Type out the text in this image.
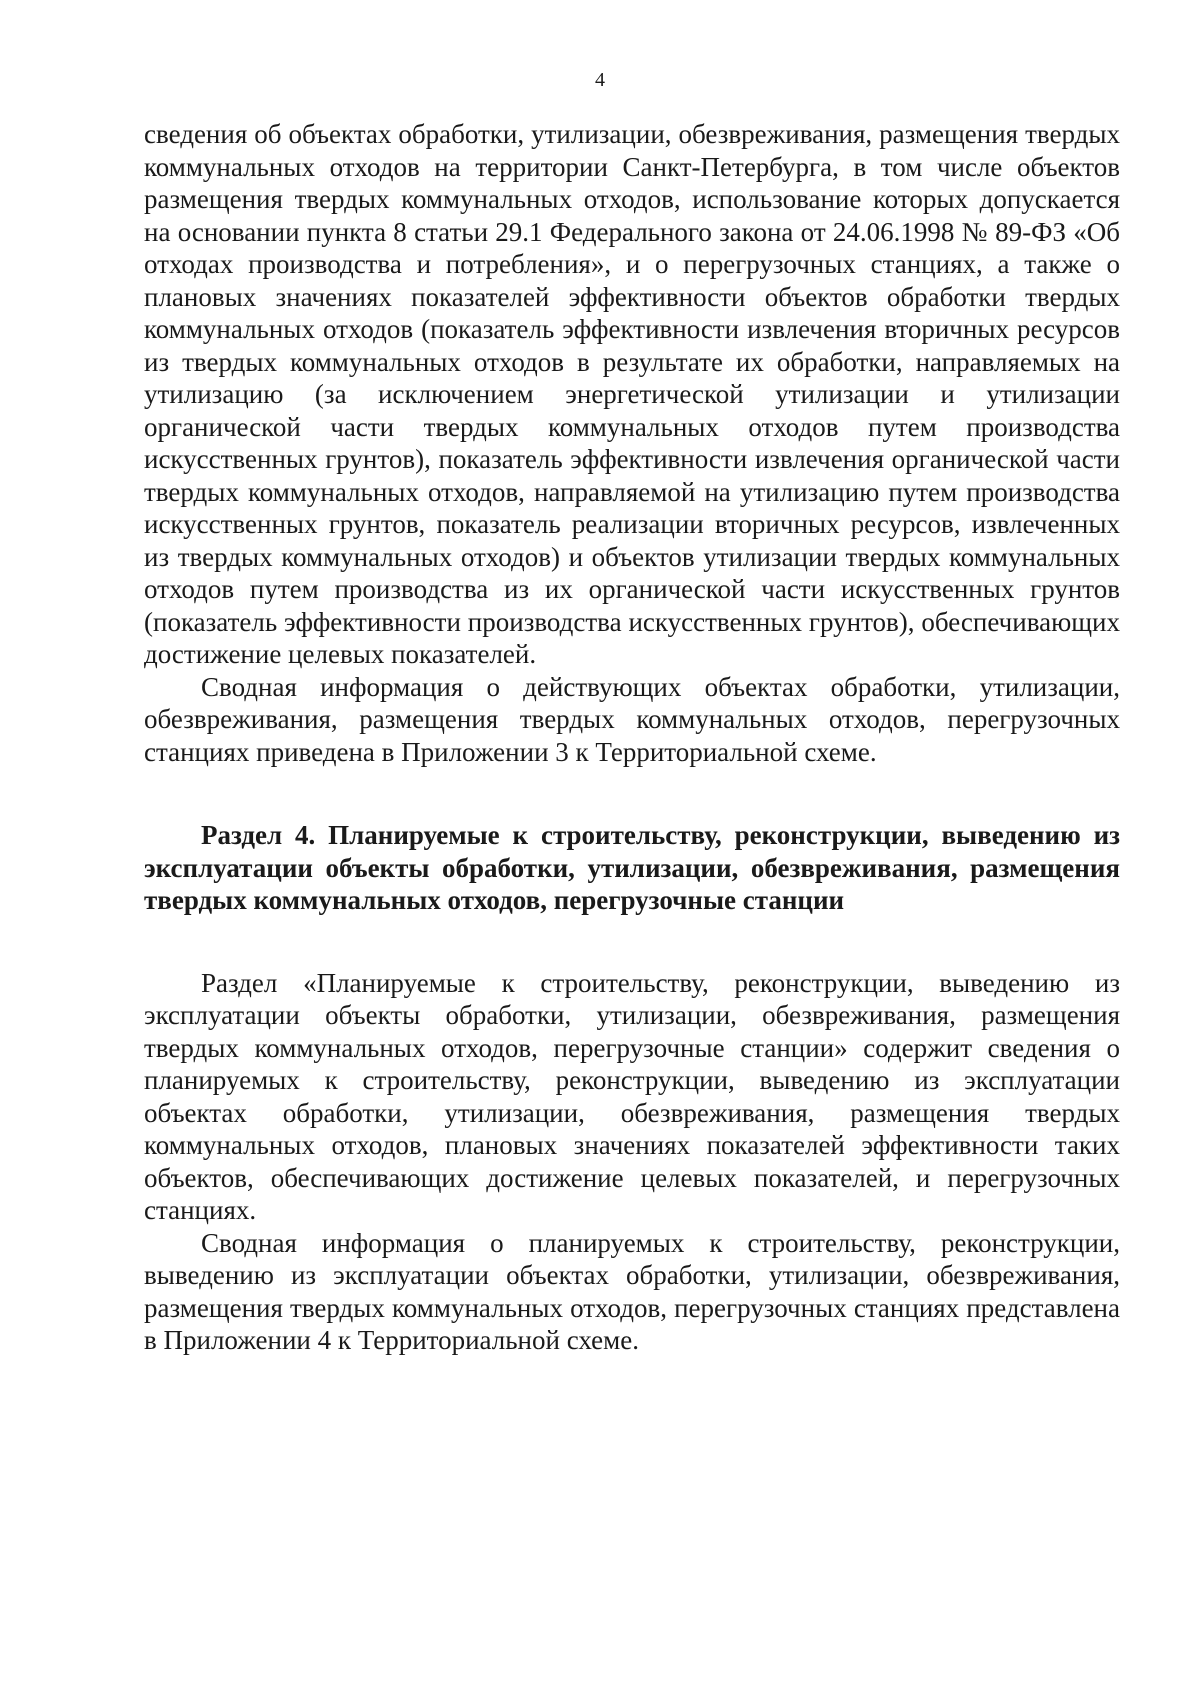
4

сведения об объектах обработки, утилизации, обезвреживания, размещения твердых коммунальных отходов на территории Санкт-Петербурга, в том числе объектов размещения твердых коммунальных отходов, использование которых допускается на основании пункта 8 статьи 29.1 Федерального закона от 24.06.1998 № 89-ФЗ «Об отходах производства и потребления», и о перегрузочных станциях, а также о плановых значениях показателей эффективности объектов обработки твердых коммунальных отходов (показатель эффективности извлечения вторичных ресурсов из твердых коммунальных отходов в результате их обработки, направляемых на утилизацию (за исключением энергетической утилизации и утилизации органической части твердых коммунальных отходов путем производства искусственных грунтов), показатель эффективности извлечения органической части твердых коммунальных отходов, направляемой на утилизацию путем производства искусственных грунтов, показатель реализации вторичных ресурсов, извлеченных из твердых коммунальных отходов) и объектов утилизации твердых коммунальных отходов путем производства из их органической части искусственных грунтов (показатель эффективности производства искусственных грунтов), обеспечивающих достижение целевых показателей.

Сводная информация о действующих объектах обработки, утилизации, обезвреживания, размещения твердых коммунальных отходов, перегрузочных станциях приведена в Приложении 3 к Территориальной схеме.

Раздел 4. Планируемые к строительству, реконструкции, выведению из эксплуатации объекты обработки, утилизации, обезвреживания, размещения твердых коммунальных отходов, перегрузочные станции

Раздел «Планируемые к строительству, реконструкции, выведению из эксплуатации объекты обработки, утилизации, обезвреживания, размещения твердых коммунальных отходов, перегрузочные станции» содержит сведения о планируемых к строительству, реконструкции, выведению из эксплуатации объектах обработки, утилизации, обезвреживания, размещения твердых коммунальных отходов, плановых значениях показателей эффективности таких объектов, обеспечивающих достижение целевых показателей, и перегрузочных станциях.

Сводная информация о планируемых к строительству, реконструкции, выведению из эксплуатации объектах обработки, утилизации, обезвреживания, размещения твердых коммунальных отходов, перегрузочных станциях представлена в Приложении 4 к Территориальной схеме.
